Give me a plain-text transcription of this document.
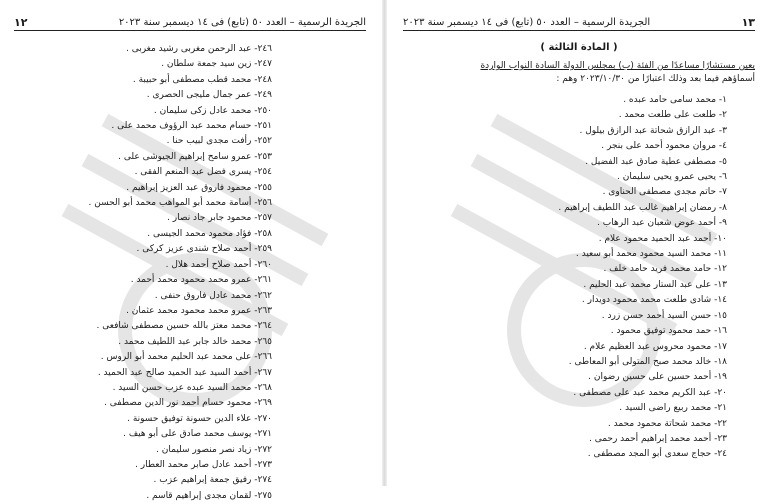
الجريدة الرسمية – العدد ٥٠ (تابع) فى ١٤ ديسمبر سنة ٢٠٢٣
١٢
٢٤٦- عبد الرحمن مغربى رشيد مغربى .
٢٤٧- زين سيد جمعة سلطان .
٢٤٨- محمد قطب مصطفى أبو حبيبة .
٢٤٩- عمر جمال مليجى الحصرى .
٢٥٠- محمد عادل زكى سليمان .
٢٥١- حسام محمد عبد الرؤوف محمد على .
٢٥٢- رأفت مجدى لبيب حنا .
٢٥٣- عمرو سامح إبراهيم الجيوشى على .
٢٥٤- يسرى فضل عبد المنعم الفقى .
٢٥٥- محمود فاروق عبد العزيز إبراهيم .
٢٥٦- أسامة محمد أبو المواهب محمد أبو الحسن .
٢٥٧- محمود جابر جاد نصار .
٢٥٨- فؤاد محمود محمد الجيسى .
٢٥٩- أحمد صلاح شندى عزيز كركى .
٢٦٠- أحمد صلاح أحمد هلال .
٢٦١- عمرو محمد محمود محمد أحمد .
٢٦٢- محمد عادل فاروق حنفى .
٢٦٣- عمرو محمد محمود محمد عثمان .
٢٦٤- محمد معتز بالله حسين مصطفى شافعى .
٢٦٥- محمد خالد جابر عبد اللطيف محمد .
٢٦٦- على محمد عبد الحليم محمد أبو الروس .
٢٦٧- أحمد السيد عبد الحميد صالح عبد الحميد .
٢٦٨- محمد السيد عبده عزب حسن السيد .
٢٦٩- محمود حسام أحمد نور الدين مصطفى .
٢٧٠- علاء الدين حسونة توفيق حسونة .
٢٧١- يوسف محمد صادق على أبو هيف .
٢٧٢- زياد نصر منصور سليمان .
٢٧٣- أحمد عادل صابر محمد العطار .
٢٧٤- رفيق جمعة إبراهيم عزب .
٢٧٥- لقمان مجدى إبراهيم قاسم .
١٣
الجريدة الرسمية – العدد ٥٠ (تابع) فى ١٤ ديسمبر سنة ٢٠٢٣
( المادة الثالثة )
يعين مستشارًا مساعدًا من الفئة (ب) بمجلس الدولة السادة النواب الواردة
أسماؤهم فيما بعد وذلك اعتبارًا من ٢٠٢٣/١٠/٣٠ وهم :
١- محمد سامى حامد عبده .
٢- طلعت على طلعت محمد .
٣- عبد الرازق شحاتة عبد الرازق بيلول .
٤- مروان محمود أحمد على بنجر .
٥- مصطفى عطية صادق عبد الفضيل .
٦- يحيى عمرو يحيى سليمان .
٧- حاتم مجدى مصطفى الحناوى .
٨- رمضان إبراهيم غالب عبد اللطيف إبراهيم .
٩- أحمد عوض شعبان عبد الرهاب .
١٠- أحمد عبد الحميد محمود علام .
١١- محمد السيد محمود محمد أبو سعيد .
١٢- حامد محمد فريد حامد خلف .
١٣- على عبد الستار محمد عبد الحليم .
١٤- شادى طلعت محمد محمود دويدار .
١٥- حسن السيد أحمد حسن زرد .
١٦- حمد محمود توفيق محمود .
١٧- محمود محروس عبد العظيم علام .
١٨- خالد محمد صبح المتولى أبو المعاطى .
١٩- أحمد حسين على حسين رضوان .
٢٠- عبد الكريم محمد عبد على مصطفى .
٢١- محمد ربيع راضى السيد .
٢٢- محمد شحاتة محمود محمد .
٢٣- أحمد محمد إبراهيم أحمد رحمى .
٢٤- حجاج سعدى أبو المجد مصطفى .
